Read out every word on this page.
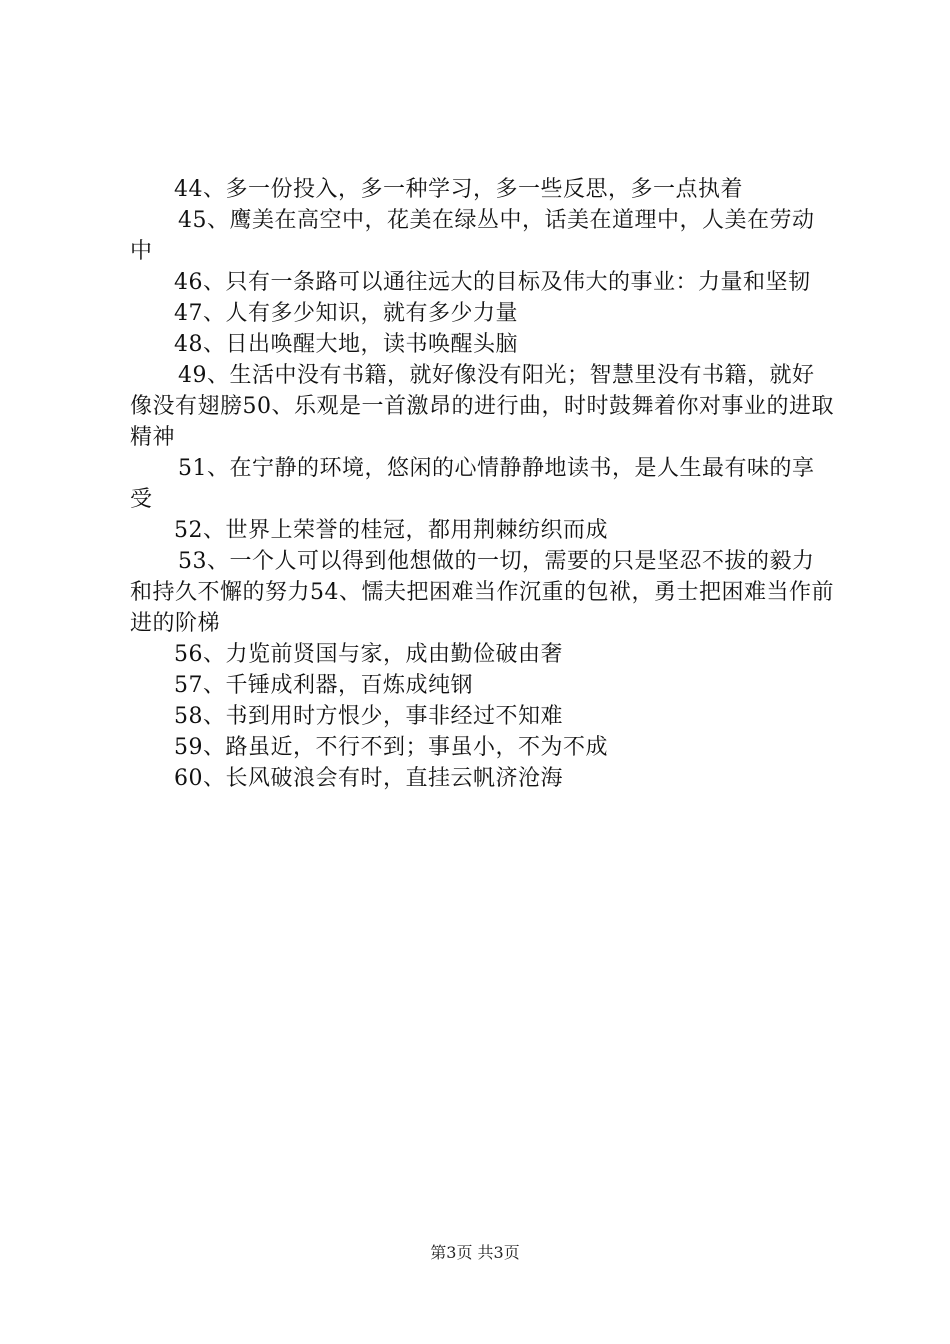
44、多一份投入，多一种学习，多一些反思，多一点执着

45、鹰美在高空中，花美在绿丛中，话美在道理中，人美在劳动中

46、只有一条路可以通往远大的目标及伟大的事业：力量和坚韧

47、人有多少知识，就有多少力量

48、日出唤醒大地，读书唤醒头脑

49、生活中没有书籍，就好像没有阳光；智慧里没有书籍，就好像没有翅膀50、乐观是一首激昂的进行曲，时时鼓舞着你对事业的进取精神

51、在宁静的环境，悠闲的心情静静地读书，是人生最有味的享受

52、世界上荣誉的桂冠，都用荆棘纺织而成

53、一个人可以得到他想做的一切，需要的只是坚忍不拔的毅力和持久不懈的努力54、懦夫把困难当作沉重的包袱，勇士把困难当作前进的阶梯

56、力览前贤国与家，成由勤俭破由奢

57、千锤成利器，百炼成纯钢

58、书到用时方恨少，事非经过不知难

59、路虽近，不行不到；事虽小，不为不成

60、长风破浪会有时，直挂云帆济沧海

第3页 共3页
